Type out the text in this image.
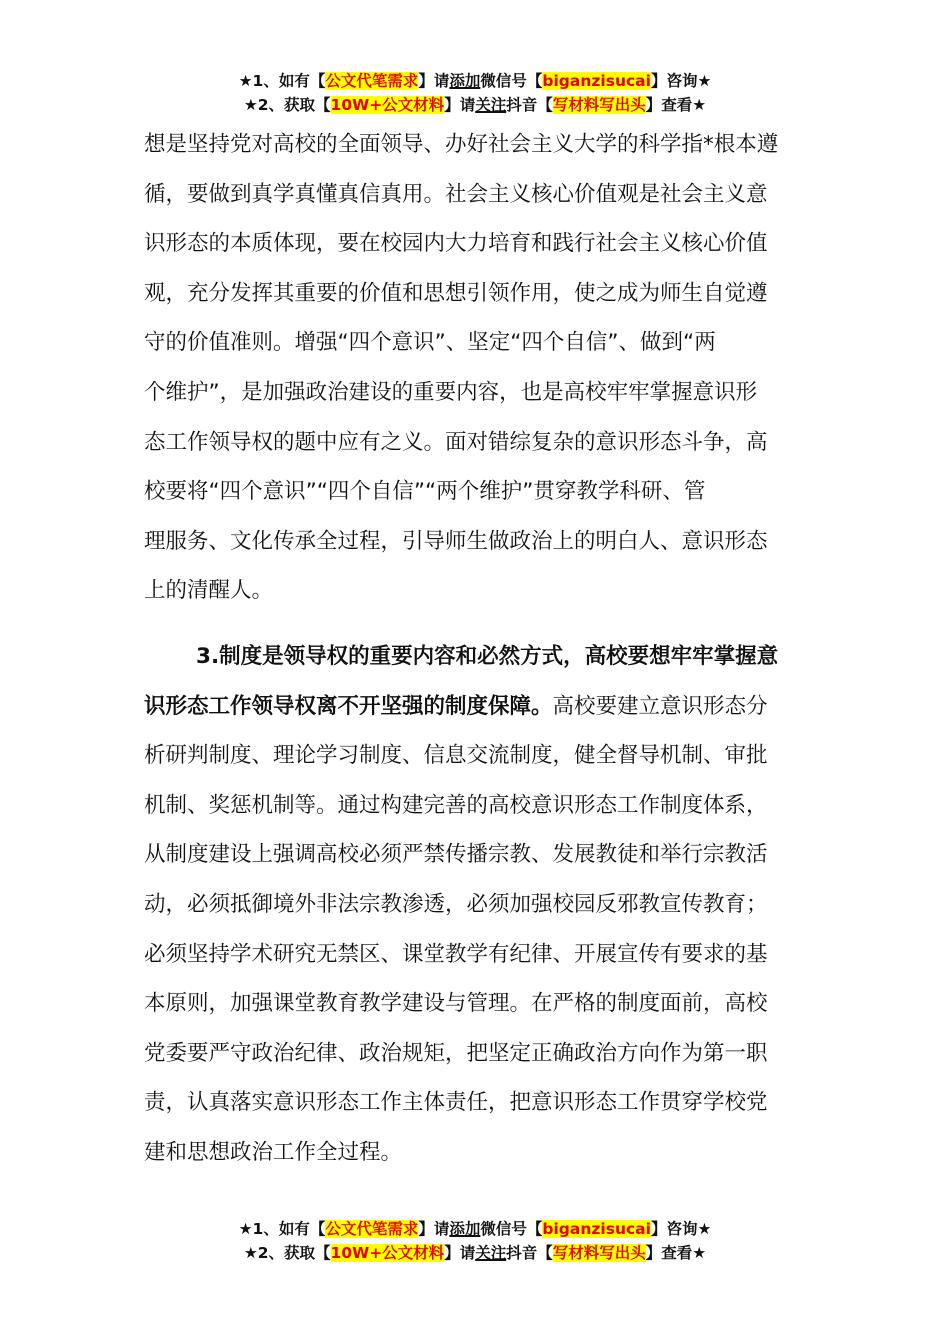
★1、如有【公文代笔需求】请添加微信号【biganzisucai】咨询★
★2、获取【10W+公文材料】请关注抖音【写材料写出头】查看★
想是坚持党对高校的全面领导、办好社会主义大学的科学指*根本遵
循，要做到真学真懂真信真用。社会主义核心价值观是社会主义意
识形态的本质体现，要在校园内大力培育和践行社会主义核心价值
观，充分发挥其重要的价值和思想引领作用，使之成为师生自觉遵
守的价值准则。增强“四个意识”、坚定“四个自信”、做到“两
个维护”，是加强政治建设的重要内容，也是高校牢牢掌握意识形
态工作领导权的题中应有之义。面对错综复杂的意识形态斗争，高
校要将“四个意识”“四个自信”“两个维护”贯穿教学科研、管
理服务、文化传承全过程，引导师生做政治上的明白人、意识形态
上的清醒人。
3.制度是领导权的重要内容和必然方式，高校要想牢牢掌握意
识形态工作领导权离不开坚强的制度保障。高校要建立意识形态分
析研判制度、理论学习制度、信息交流制度，健全督导机制、审批
机制、奖惩机制等。通过构建完善的高校意识形态工作制度体系，
从制度建设上强调高校必须严禁传播宗教、发展教徒和举行宗教活
动，必须抵御境外非法宗教渗透，必须加强校园反邪教宣传教育；
必须坚持学术研究无禁区、课堂教学有纪律、开展宣传有要求的基
本原则，加强课堂教育教学建设与管理。在严格的制度面前，高校
党委要严守政治纪律、政治规矩，把坚定正确政治方向作为第一职
责，认真落实意识形态工作主体责任，把意识形态工作贯穿学校党
建和思想政治工作全过程。
★1、如有【公文代笔需求】请添加微信号【biganzisucai】咨询★
★2、获取【10W+公文材料】请关注抖音【写材料写出头】查看★
